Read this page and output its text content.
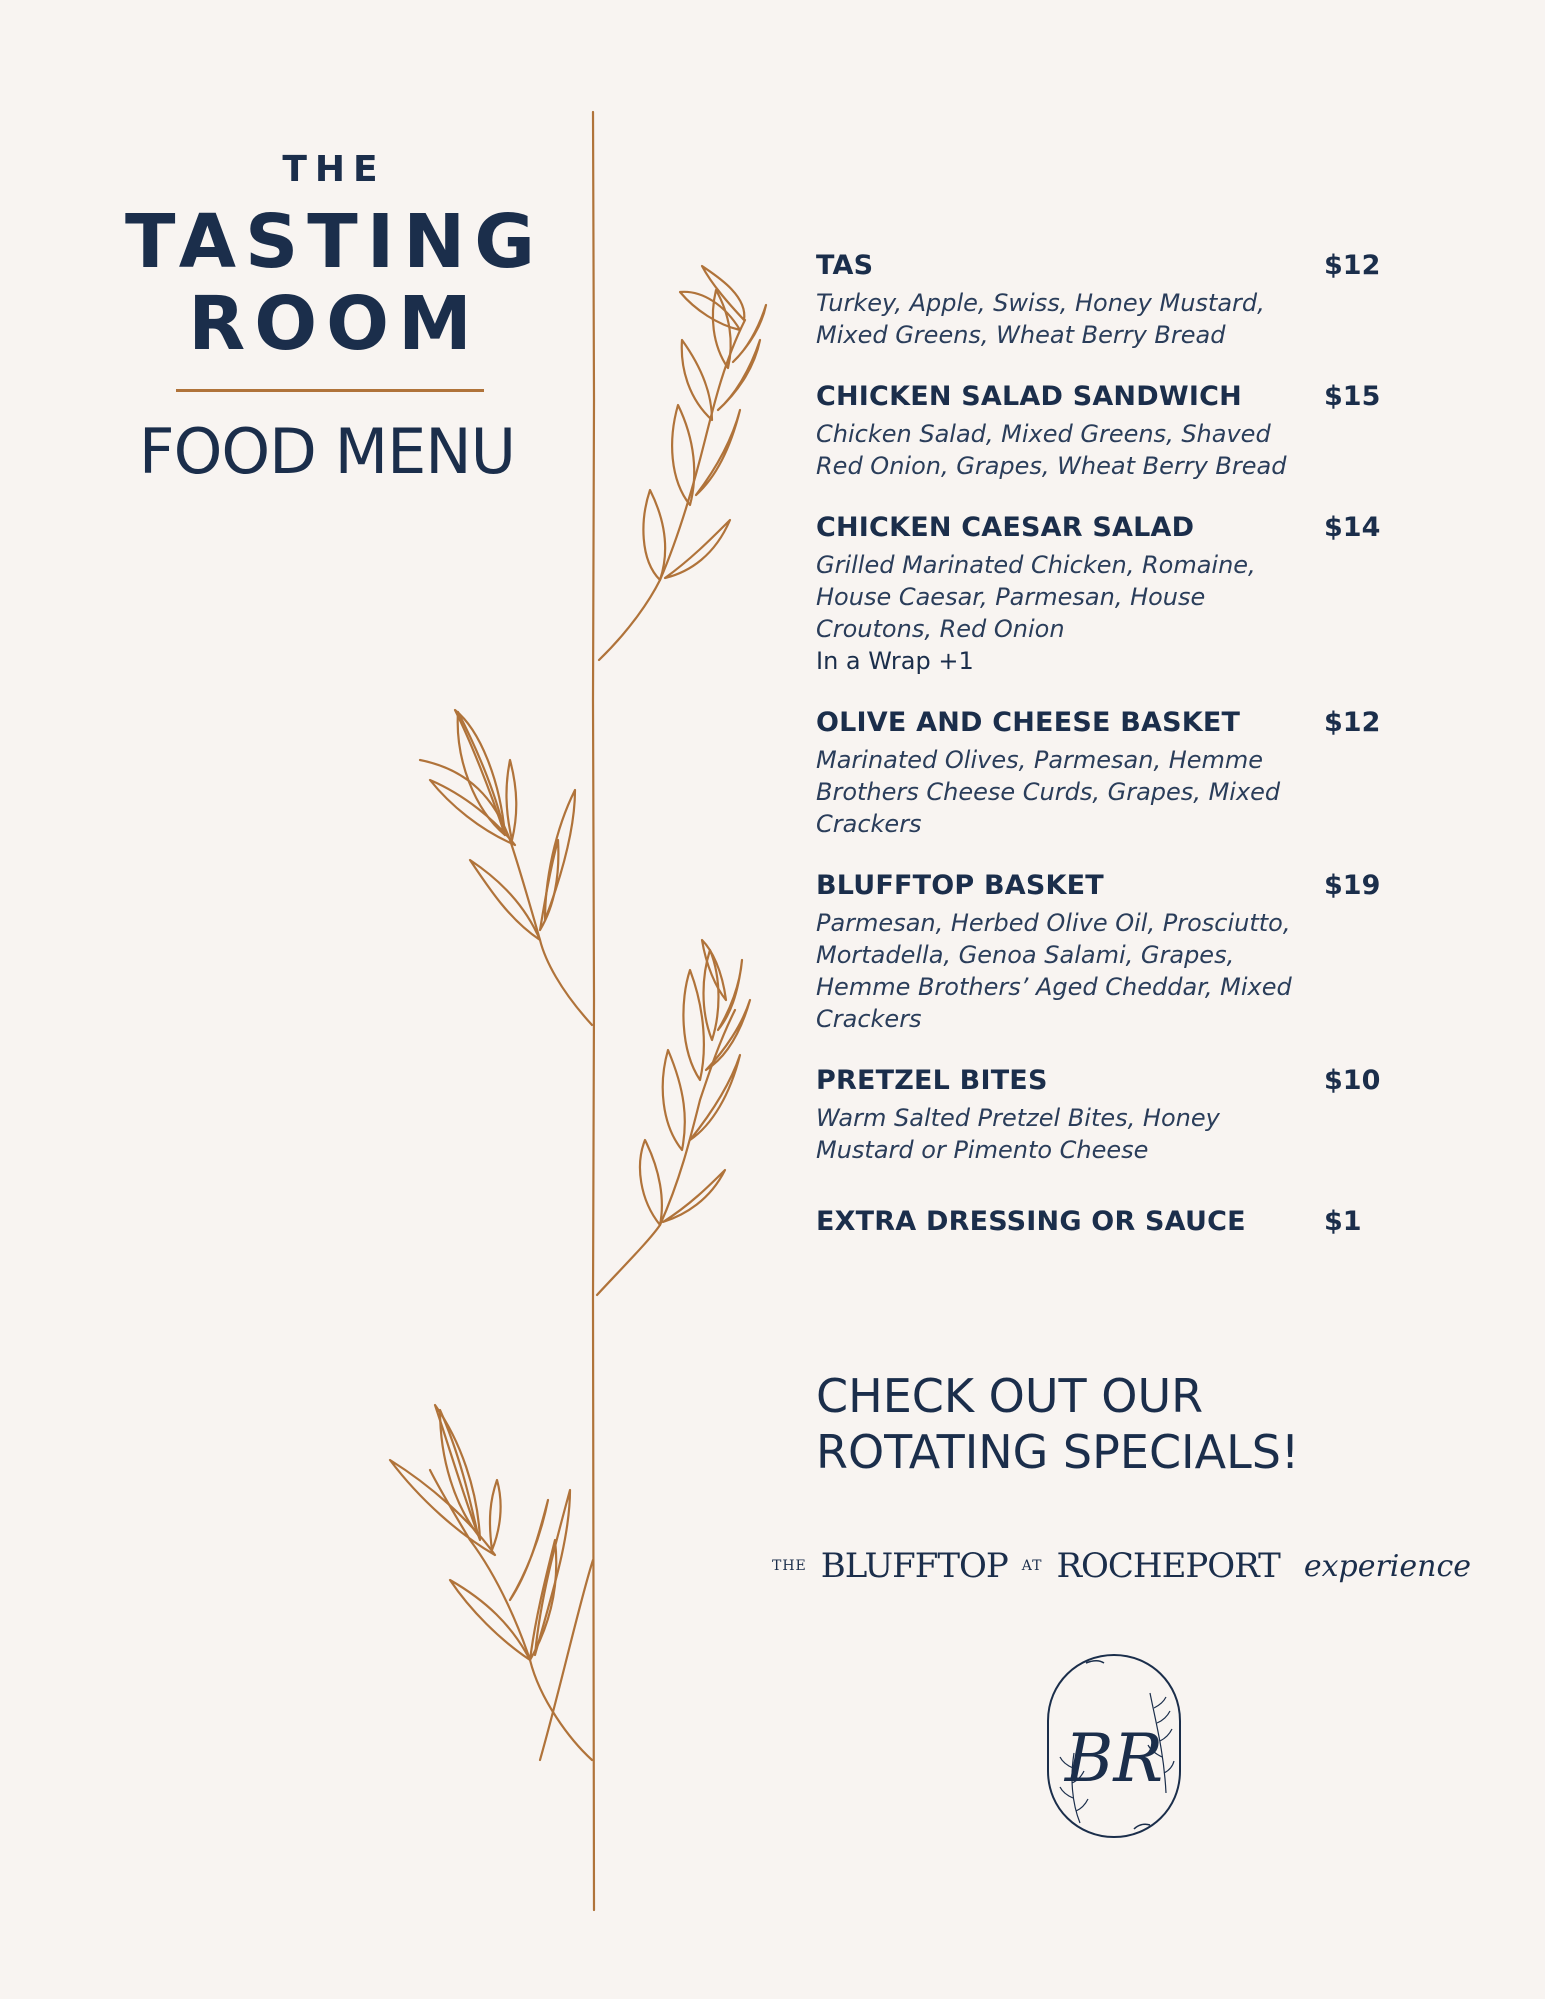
THE

TASTING

ROOM

FOOD MENU

TAS	$12
Turkey, Apple, Swiss, Honey Mustard, Mixed Greens, Wheat Berry Bread
CHICKEN SALAD SANDWICH	$15
Chicken Salad, Mixed Greens, Shaved Red Onion, Grapes, Wheat Berry Bread
CHICKEN CAESAR SALAD	$14
Grilled Marinated Chicken, Romaine, House Caesar, Parmesan, House Croutons, Red Onion
In a Wrap +1
OLIVE AND CHEESE BASKET	$12
Marinated Olives, Parmesan, Hemme Brothers Cheese Curds, Grapes, Mixed Crackers
BLUFFTOP BASKET	$19
Parmesan, Herbed Olive Oil, Prosciutto, Mortadella, Genoa Salami, Grapes, Hemme Brothers’ Aged Cheddar, Mixed Crackers
PRETZEL BITES	$10
Warm Salted Pretzel Bites, Honey Mustard or Pimento Cheese
EXTRA DRESSING OR SAUCE	$1
CHECK OUT OUR
ROTATING SPECIALS!
THE BLUFFTOP AT ROCHEPORT experience
BR
